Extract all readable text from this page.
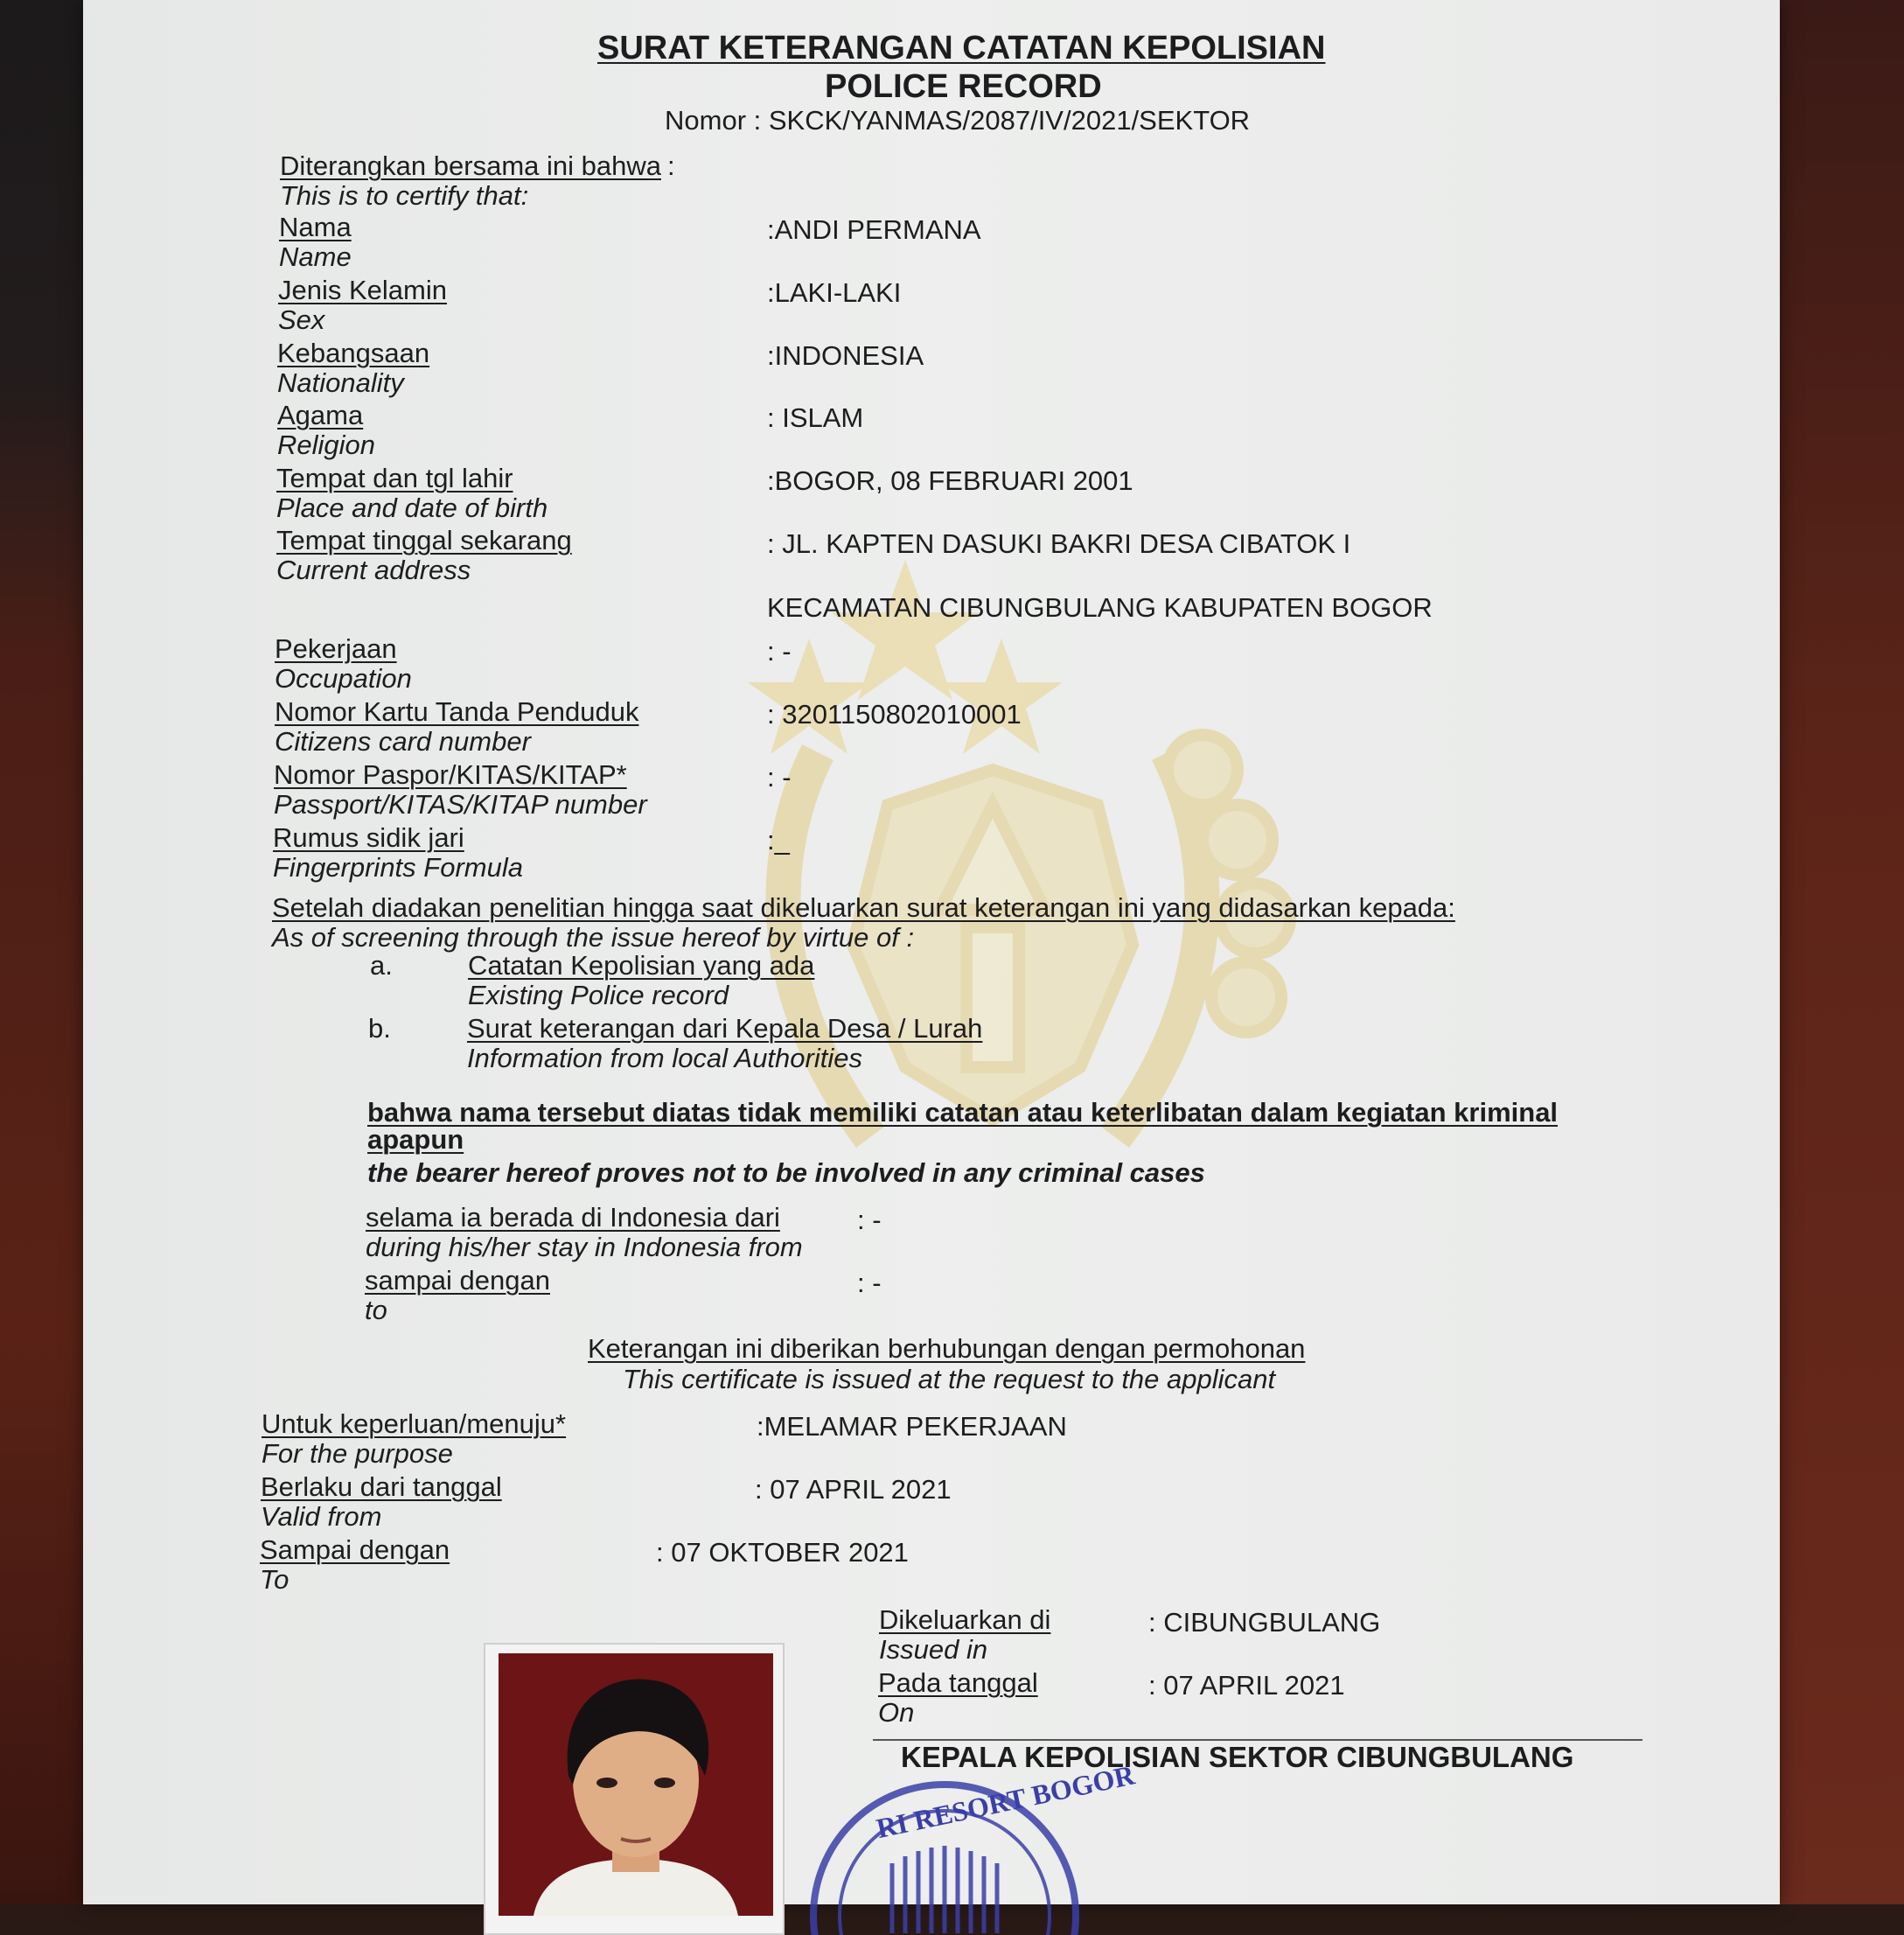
SURAT KETERANGAN CATATAN KEPOLISIAN
POLICE RECORD
Nomor : SKCK/YANMAS/2087/IV/2021/SEKTOR
Diterangkan bersama ini bahwa :
This is to certify that:
Nama
Name
:ANDI PERMANA
Jenis Kelamin
Sex
:LAKI-LAKI
Kebangsaan
Nationality
:INDONESIA
Agama
Religion
: ISLAM
Tempat dan tgl lahir
Place and date of birth
:BOGOR, 08 FEBRUARI 2001
Tempat tinggal sekarang
Current address
: JL. KAPTEN DASUKI BAKRI DESA CIBATOK I
KECAMATAN CIBUNGBULANG KABUPATEN BOGOR
Pekerjaan
Occupation
: -
Nomor Kartu Tanda Penduduk
Citizens card number
: 3201150802010001
Nomor Paspor/KITAS/KITAP*
Passport/KITAS/KITAP number
: -
Rumus sidik jari
Fingerprints Formula
:_
Setelah diadakan penelitian hingga saat dikeluarkan surat keterangan ini yang didasarkan kepada:
As of screening through the issue hereof by virtue of :
a.	Catatan Kepolisian yang ada
Existing Police record
b.	Surat keterangan dari Kepala Desa / Lurah
Information from local Authorities
bahwa nama tersebut diatas tidak memiliki catatan atau keterlibatan dalam kegiatan kriminal
apapun
the bearer hereof proves not to be involved in any criminal cases
selama ia berada di Indonesia dari
during his/her stay in Indonesia from
: -
sampai dengan
to
: -
Keterangan ini diberikan berhubungan dengan permohonan
This certificate is issued at the request to the applicant
Untuk keperluan/menuju*
For the purpose
:MELAMAR PEKERJAAN
Berlaku dari tanggal
Valid from
: 07 APRIL 2021
Sampai dengan
To
: 07 OKTOBER 2021
Dikeluarkan di
Issued in
: CIBUNGBULANG
Pada tanggal
On
: 07 APRIL 2021
KEPALA KEPOLISIAN SEKTOR CIBUNGBULANG
RI RESORT BOGOR
